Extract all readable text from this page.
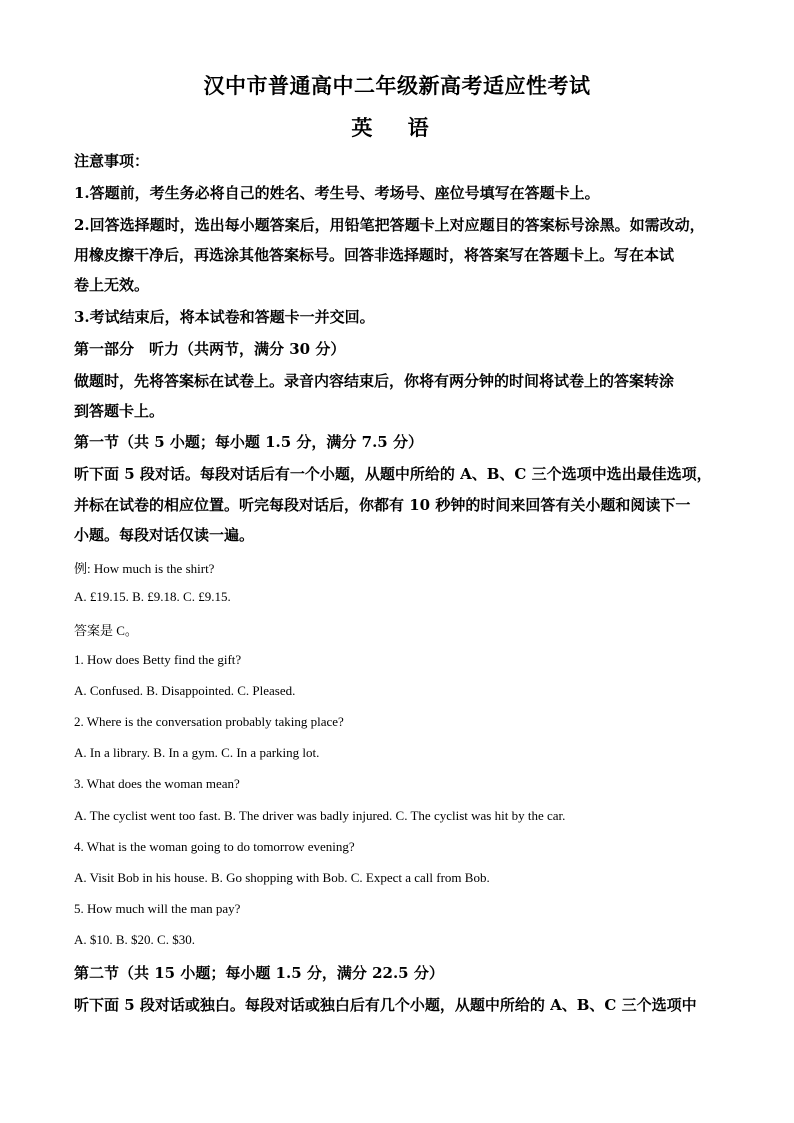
汉中市普通高中二年级新高考适应性考试
英 语
注意事项：
1.答题前，考生务必将自己的姓名、考生号、考场号、座位号填写在答题卡上。
2.回答选择题时，选出每小题答案后，用铅笔把答题卡上对应题目的答案标号涂黑。如需改动，
用橡皮擦干净后，再选涂其他答案标号。回答非选择题时，将答案写在答题卡上。写在本试
卷上无效。
3.考试结束后，将本试卷和答题卡一并交回。
第一部分　听力（共两节，满分 30 分）
做题时，先将答案标在试卷上。录音内容结束后，你将有两分钟的时间将试卷上的答案转涂
到答题卡上。
第一节（共 5 小题；每小题 1.5 分，满分 7.5 分）
听下面 5 段对话。每段对话后有一个小题，从题中所给的 A、B、C 三个选项中选出最佳选项，
并标在试卷的相应位置。听完每段对话后，你都有 10 秒钟的时间来回答有关小题和阅读下一
小题。每段对话仅读一遍。
例: How much is the shirt?
A. £19.15. B. £9.18. C. £9.15.
答案是 C。
1. How does Betty find the gift?
A. Confused. B. Disappointed. C. Pleased.
2. Where is the conversation probably taking place?
A. In a library. B. In a gym. C. In a parking lot.
3. What does the woman mean?
A. The cyclist went too fast. B. The driver was badly injured. C. The cyclist was hit by the car.
4. What is the woman going to do tomorrow evening?
A. Visit Bob in his house. B. Go shopping with Bob. C. Expect a call from Bob.
5. How much will the man pay?
A. $10. B. $20. C. $30.
第二节（共 15 小题；每小题 1.5 分，满分 22.5 分）
听下面 5 段对话或独白。每段对话或独白后有几个小题，从题中所给的 A、B、C 三个选项中
